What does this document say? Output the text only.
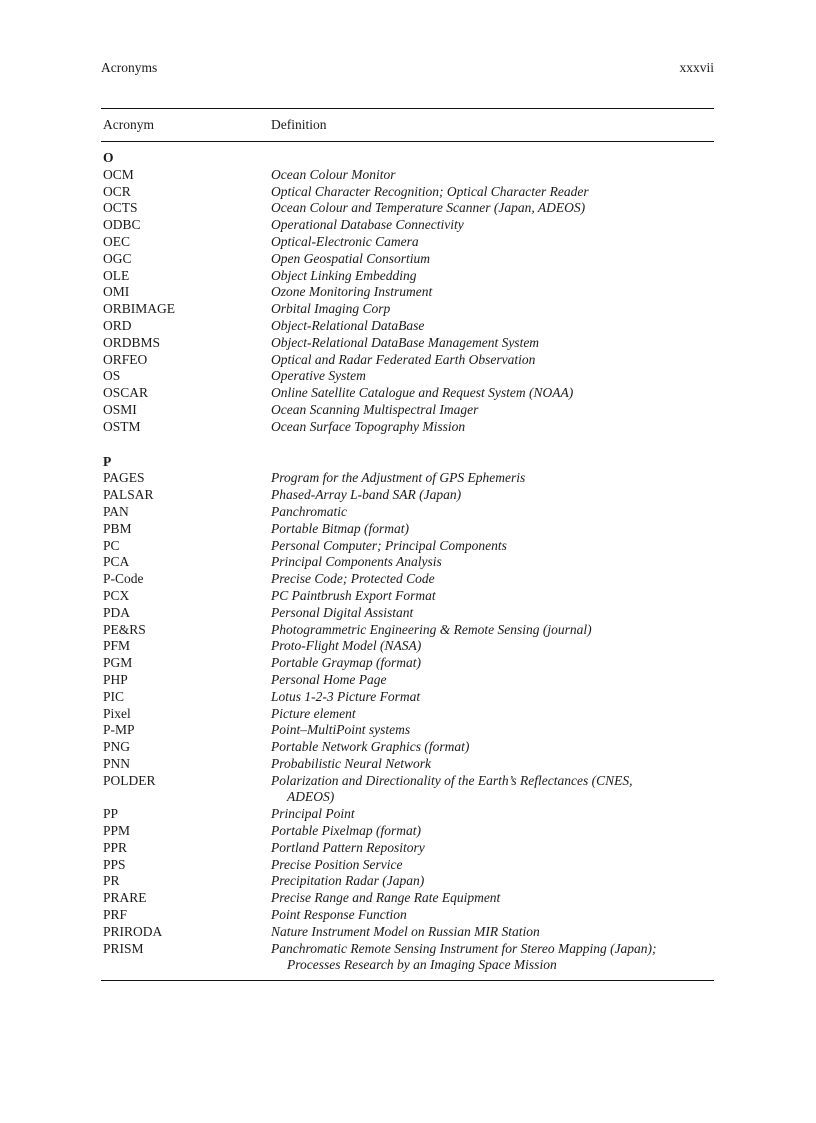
Acronyms	xxxvii
Acronym	Definition
O
OCM	Ocean Colour Monitor
OCR	Optical Character Recognition; Optical Character Reader
OCTS	Ocean Colour and Temperature Scanner (Japan, ADEOS)
ODBC	Operational Database Connectivity
OEC	Optical-Electronic Camera
OGC	Open Geospatial Consortium
OLE	Object Linking Embedding
OMI	Ozone Monitoring Instrument
ORBIMAGE	Orbital Imaging Corp
ORD	Object-Relational DataBase
ORDBMS	Object-Relational DataBase Management System
ORFEO	Optical and Radar Federated Earth Observation
OS	Operative System
OSCAR	Online Satellite Catalogue and Request System (NOAA)
OSMI	Ocean Scanning Multispectral Imager
OSTM	Ocean Surface Topography Mission
P
PAGES	Program for the Adjustment of GPS Ephemeris
PALSAR	Phased-Array L-band SAR (Japan)
PAN	Panchromatic
PBM	Portable Bitmap (format)
PC	Personal Computer; Principal Components
PCA	Principal Components Analysis
P-Code	Precise Code; Protected Code
PCX	PC Paintbrush Export Format
PDA	Personal Digital Assistant
PE&RS	Photogrammetric Engineering & Remote Sensing (journal)
PFM	Proto-Flight Model (NASA)
PGM	Portable Graymap (format)
PHP	Personal Home Page
PIC	Lotus 1-2-3 Picture Format
Pixel	Picture element
P-MP	Point–MultiPoint systems
PNG	Portable Network Graphics (format)
PNN	Probabilistic Neural Network
POLDER	Polarization and Directionality of the Earth’s Reflectances (CNES,
ADEOS)
PP	Principal Point
PPM	Portable Pixelmap (format)
PPR	Portland Pattern Repository
PPS	Precise Position Service
PR	Precipitation Radar (Japan)
PRARE	Precise Range and Range Rate Equipment
PRF	Point Response Function
PRIRODA	Nature Instrument Model on Russian MIR Station
PRISM	Panchromatic Remote Sensing Instrument for Stereo Mapping (Japan);
Processes Research by an Imaging Space Mission
